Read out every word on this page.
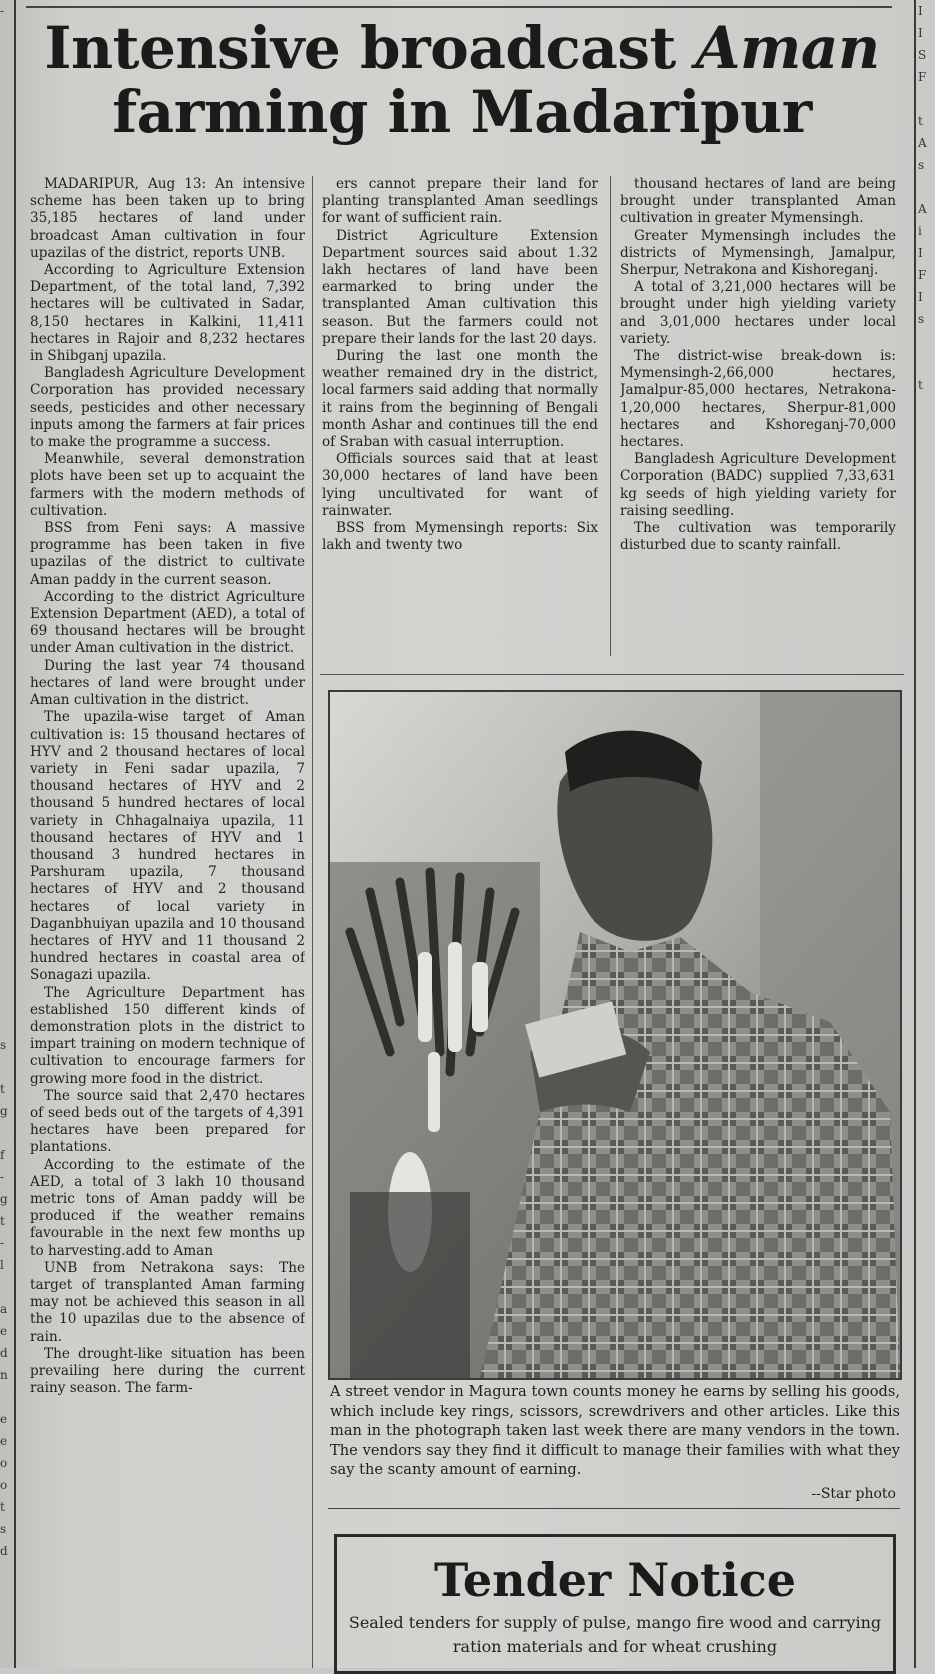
-

s

t
g

f
-
g
t
-
l

a
e
d
n

e
e
o
o
t
s
d
I
I
S
F

t
A
s

A
i
I
F
I
s

t

Intensive broadcast Aman
farming in Madaripur

MADARIPUR, Aug 13: An intensive scheme has been taken up to bring 35,185 hectares of land under broadcast Aman cultivation in four upazilas of the district, reports UNB.

According to Agriculture Extension Department, of the total land, 7,392 hectares will be cultivated in Sadar, 8,150 hectares in Kalkini, 11,411 hectares in Rajoir and 8,232 hectares in Shibganj upazila.

Bangladesh Agriculture Development Corporation has provided necessary seeds, pesticides and other necessary inputs among the farmers at fair prices to make the programme a success.

Meanwhile, several demonstration plots have been set up to acquaint the farmers with the modern methods of cultivation.

BSS from Feni says: A massive programme has been taken in five upazilas of the district to cultivate Aman paddy in the current season.

According to the district Agriculture Extension Department (AED), a total of 69 thousand hectares will be brought under Aman cultivation in the district.

During the last year 74 thousand hectares of land were brought under Aman cultivation in the district.

The upazila-wise target of Aman cultivation is: 15 thousand hectares of HYV and 2 thousand hectares of local variety in Feni sadar upazila, 7 thousand hectares of HYV and 2 thousand 5 hundred hectares of local variety in Chhagalnaiya upazila, 11 thousand hectares of HYV and 1 thousand 3 hundred hectares in Parshuram upazila, 7 thousand hectares of HYV and 2 thousand hectares of local variety in Daganbhuiyan upazila and 10 thousand hectares of HYV and 11 thousand 2 hundred hectares in coastal area of Sonagazi upazila.

The Agriculture Department has established 150 different kinds of demonstration plots in the district to impart training on modern technique of cultivation to encourage farmers for growing more food in the district.

The source said that 2,470 hectares of seed beds out of the targets of 4,391 hectares have been prepared for plantations.

According to the estimate of the AED, a total of 3 lakh 10 thousand metric tons of Aman paddy will be produced if the weather remains favourable in the next few months up to harvesting.add to Aman

UNB from Netrakona says: The target of transplanted Aman farming may not be achieved this season in all the 10 upazilas due to the absence of rain.

The drought-like situation has been prevailing here during the current rainy season. The farm-

ers cannot prepare their land for planting transplanted Aman seedlings for want of sufficient rain.

District Agriculture Extension Department sources said about 1.32 lakh hectares of land have been earmarked to bring under the transplanted Aman cultivation this season. But the farmers could not prepare their lands for the last 20 days.

During the last one month the weather remained dry in the district, local farmers said adding that normally it rains from the beginning of Bengali month Ashar and continues till the end of Sraban with casual interruption.

Officials sources said that at least 30,000 hectares of land have been lying uncultivated for want of rainwater.

BSS from Mymensingh reports: Six lakh and twenty two

thousand hectares of land are being brought under transplanted Aman cultivation in greater Mymensingh.

Greater Mymensingh includes the districts of Mymensingh, Jamalpur, Sherpur, Netrakona and Kishoreganj.

A total of 3,21,000 hectares will be brought under high yielding variety and 3,01,000 hectares under local variety.

The district-wise break-down is: Mymensingh-2,66,000 hectares, Jamalpur-85,000 hectares, Netrakona-1,20,000 hectares, Sherpur-81,000 hectares and Kshoreganj-70,000 hectares.

Bangladesh Agriculture Development Corporation (BADC) supplied 7,33,631 kg seeds of high yielding variety for raising seedling.

The cultivation was temporarily disturbed due to scanty rainfall.

A street vendor in Magura town counts money he earns by selling his goods, which include key rings, scissors, screwdrivers and other articles. Like this man in the photograph taken last week there are many vendors in the town. The vendors say they find it difficult to manage their families with what they say the scanty amount of earning.
--Star photo
Tender Notice
Sealed tenders for supply of pulse, mango fire wood and carrying ration materials and for wheat crushing
